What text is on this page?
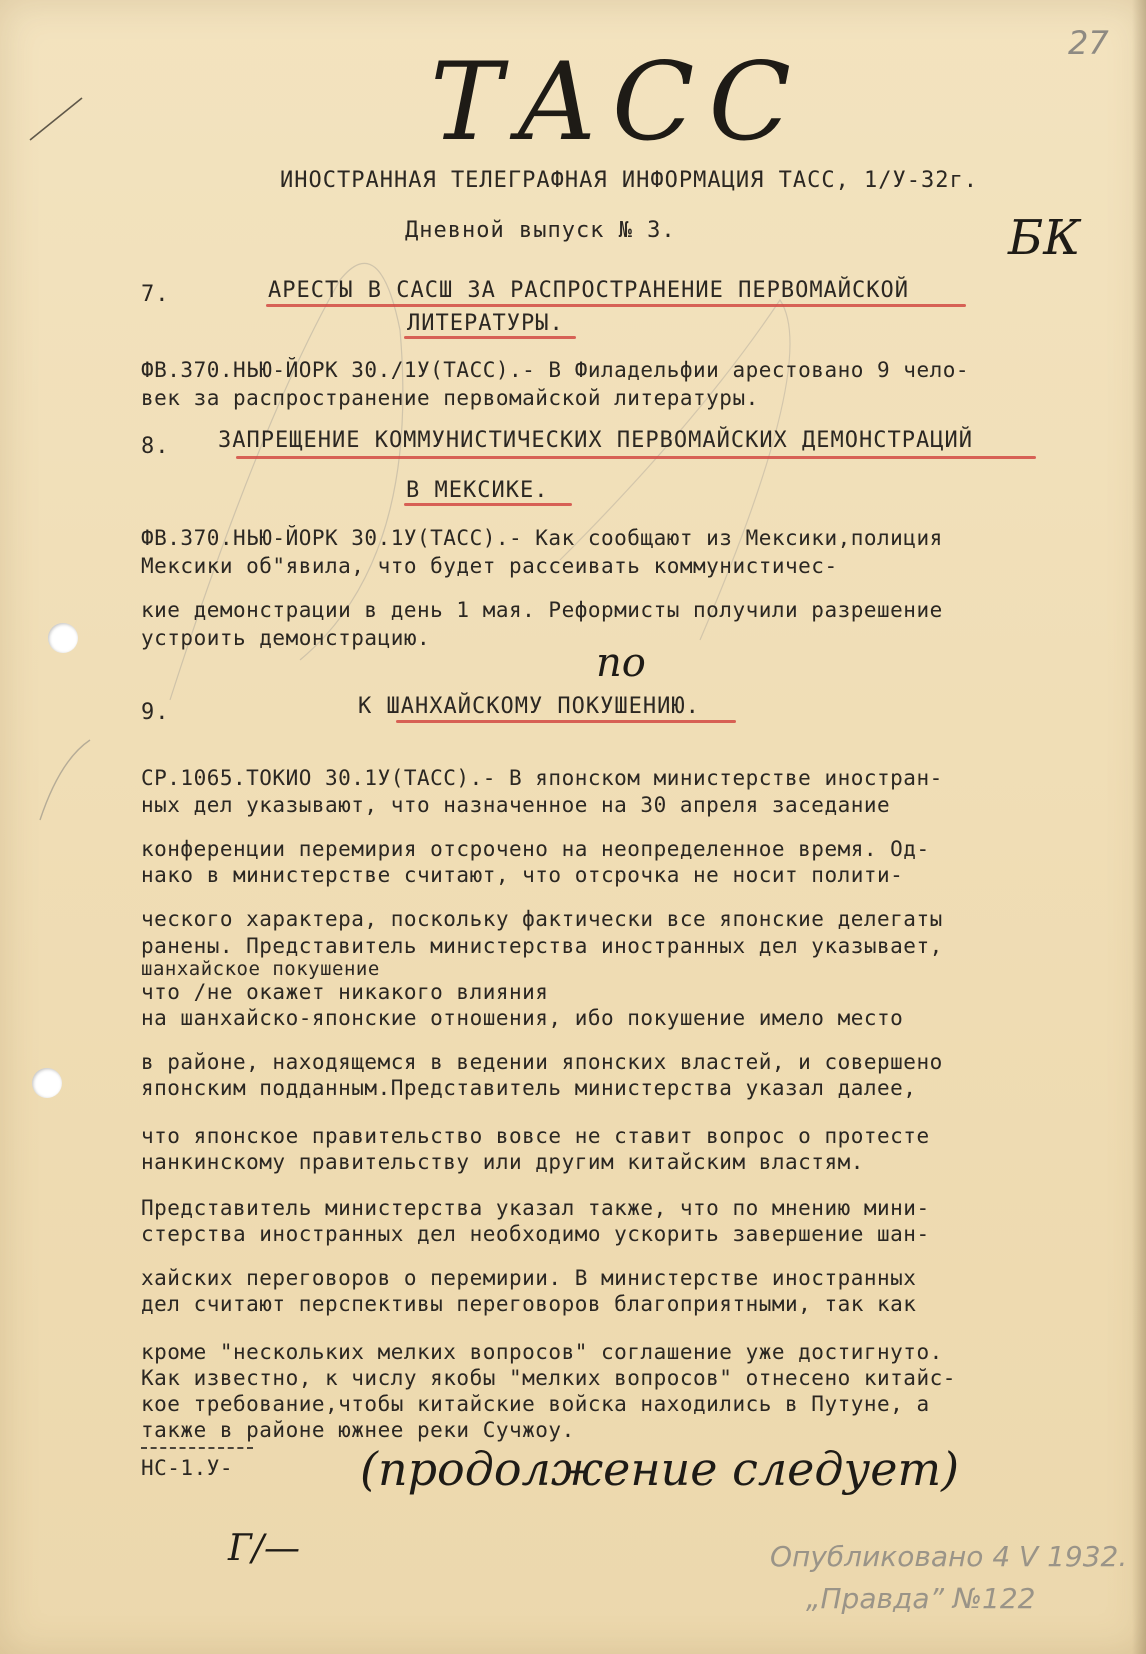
ТАСС	27
БК
по
ИНОСТРАННАЯ ТЕЛЕГРАФНАЯ ИНФОРМАЦИЯ ТАСС, 1/У-32г.
Дневной выпуск № 3.
7.	АРЕСТЫ В САСШ ЗА РАСПРОСТРАНЕНИЕ ПЕРВОМАЙСКОЙ
ЛИТЕРАТУРЫ.
ФВ.370.НЬЮ-ЙОРК 30./1У(ТАСС).- В Филадельфии арестовано 9 чело-
век за распространение первомайской литературы.
8. ЗАПРЕЩЕНИЕ КОММУНИСТИЧЕСКИХ ПЕРВОМАЙСКИХ ДЕМОНСТРАЦИЙ
В МЕКСИКЕ.
ФВ.370.НЬЮ-ЙОРК 30.1У(ТАСС).- Как сообщают из Мексики,полиция
Мексики об"явила, что будет рассеивать коммунистичес-
кие демонстрации в день 1 мая. Реформисты получили разрешение
устроить демонстрацию.
9.	К ШАНХАЙСКОМУ ПОКУШЕНИЮ.
СР.1065.ТОКИО 30.1У(ТАСС).- В японском министерстве иностран-
ных дел указывают, что назначенное на 30 апреля заседание
конференции перемирия отсрочено на неопределенное время. Од-
нако в министерстве считают, что отсрочка не носит полити-
ческого характера, поскольку фактически все японские делегаты
ранены. Представитель министерства иностранных дел указывает,
шанхайское покушение
что /не окажет никакого влияния
на шанхайско-японские отношения, ибо покушение имело место
в районе, находящемся в ведении японских властей, и совершено
японским подданным.Представитель министерства указал далее,
что японское правительство вовсе не ставит вопрос о протесте
нанкинскому правительству или другим китайским властям.
Представитель министерства указал также, что по мнению мини-
стерства иностранных дел необходимо ускорить завершение шан-
хайских переговоров о перемирии. В министерстве иностранных
дел считают перспективы переговоров благоприятными, так как
кроме "нескольких мелких вопросов" соглашение уже достигнуто.
Как известно, к числу якобы "мелких вопросов" отнесено китайс-
кое требование,чтобы китайские войска находились в Путуне, а
также в районе южнее реки Сучжоу.
НС-1.У-	(продолжение следует)
Г/—	Опубликовано 4 V 1932.
„Правда” №122
